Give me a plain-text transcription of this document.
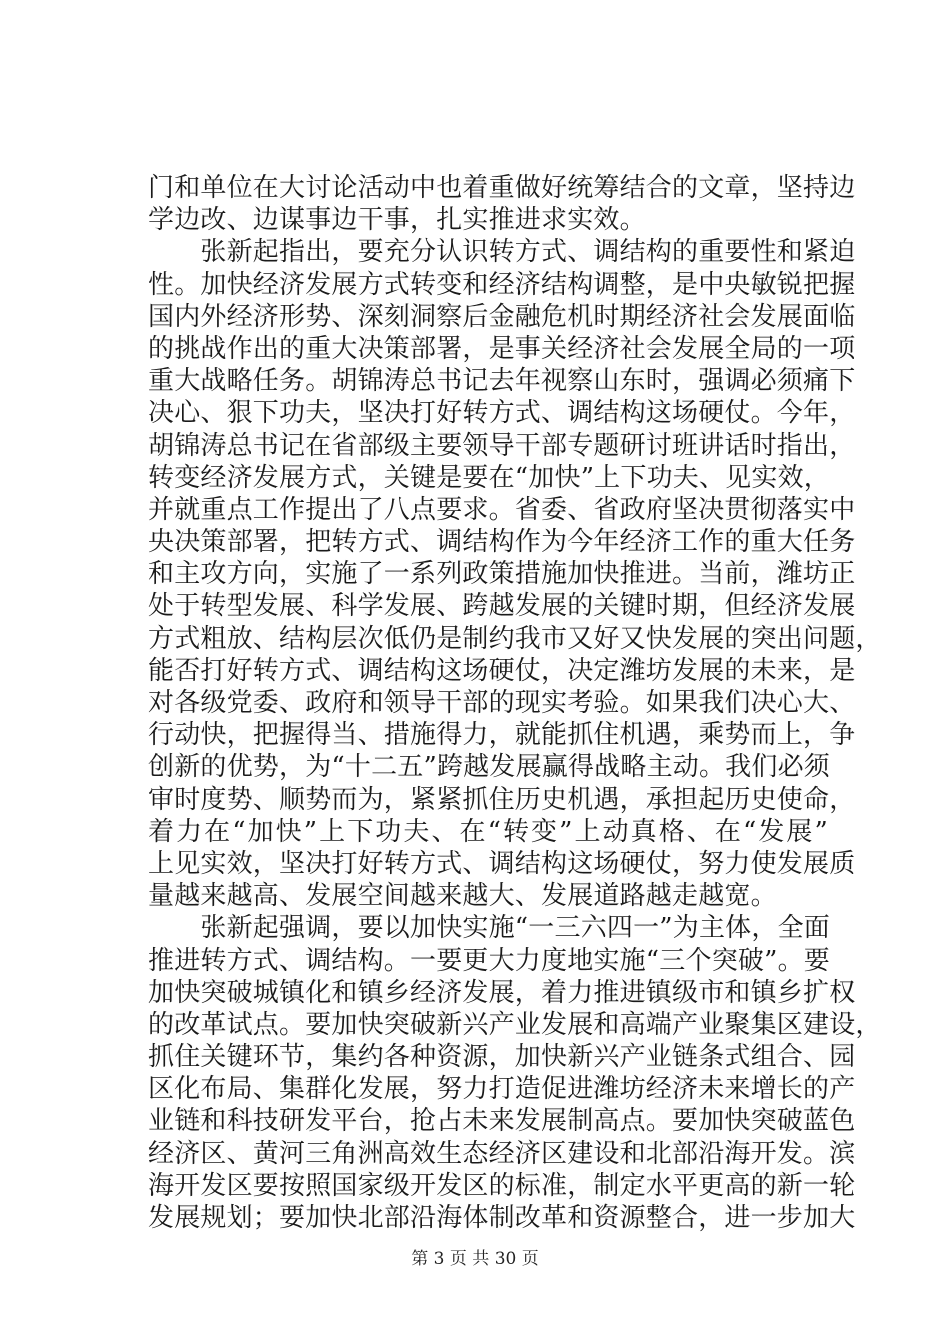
门和单位在大讨论活动中也着重做好统筹结合的文章，坚持边
学边改、边谋事边干事，扎实推进求实效。
　　张新起指出，要充分认识转方式、调结构的重要性和紧迫
性。加快经济发展方式转变和经济结构调整，是中央敏锐把握
国内外经济形势、深刻洞察后金融危机时期经济社会发展面临
的挑战作出的重大决策部署，是事关经济社会发展全局的一项
重大战略任务。胡锦涛总书记去年视察山东时，强调必须痛下
决心、狠下功夫，坚决打好转方式、调结构这场硬仗。今年，
胡锦涛总书记在省部级主要领导干部专题研讨班讲话时指出，
转变经济发展方式，关键是要在“加快”上下功夫、见实效，
并就重点工作提出了八点要求。省委、省政府坚决贯彻落实中
央决策部署，把转方式、调结构作为今年经济工作的重大任务
和主攻方向，实施了一系列政策措施加快推进。当前，潍坊正
处于转型发展、科学发展、跨越发展的关键时期，但经济发展
方式粗放、结构层次低仍是制约我市又好又快发展的突出问题，
能否打好转方式、调结构这场硬仗，决定潍坊发展的未来，是
对各级党委、政府和领导干部的现实考验。如果我们决心大、
行动快，把握得当、措施得力，就能抓住机遇，乘势而上，争
创新的优势，为“十二五”跨越发展赢得战略主动。我们必须
审时度势、顺势而为，紧紧抓住历史机遇，承担起历史使命，
着力在“加快”上下功夫、在“转变”上动真格、在“发展”
上见实效，坚决打好转方式、调结构这场硬仗，努力使发展质
量越来越高、发展空间越来越大、发展道路越走越宽。
　　张新起强调，要以加快实施“一三六四一”为主体，全面
推进转方式、调结构。一要更大力度地实施“三个突破”。要
加快突破城镇化和镇乡经济发展，着力推进镇级市和镇乡扩权
的改革试点。要加快突破新兴产业发展和高端产业聚集区建设，
抓住关键环节，集约各种资源，加快新兴产业链条式组合、园
区化布局、集群化发展，努力打造促进潍坊经济未来增长的产
业链和科技研发平台，抢占未来发展制高点。要加快突破蓝色
经济区、黄河三角洲高效生态经济区建设和北部沿海开发。滨
海开发区要按照国家级开发区的标准，制定水平更高的新一轮
发展规划；要加快北部沿海体制改革和资源整合，进一步加大
第 3 页 共 30 页
